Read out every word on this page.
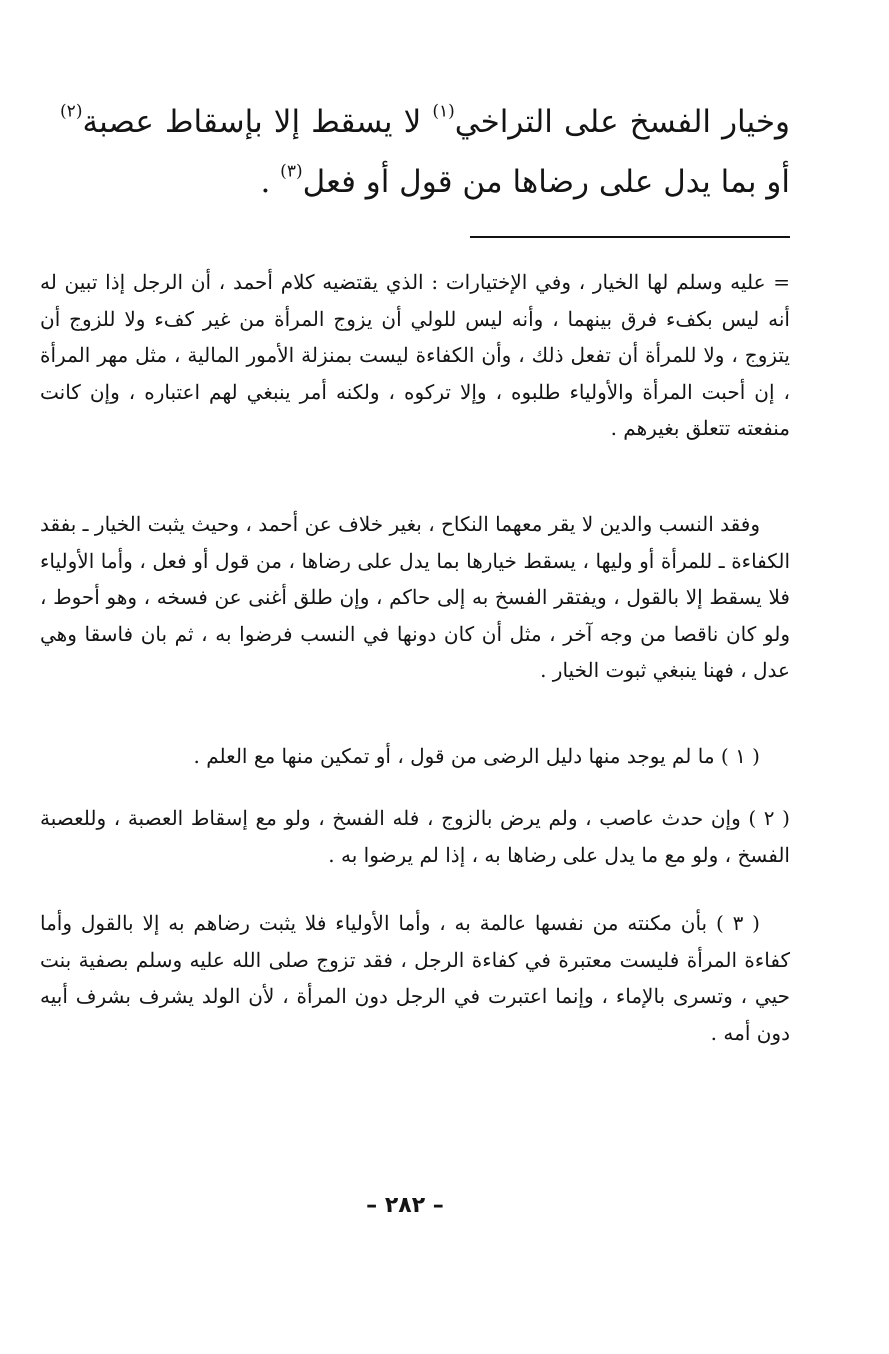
وخيار الفسخ على التراخي$^{(١)}$ لا يسقط إلا بإسقاط عصبة$^{(٢)}$ أو بما يدل على رضاها من قول أو فعل$^{(٣)}$ .

= عليه وسلم لها الخيار ، وفي الإختيارات : الذي يقتضيه كلام أحمد ، أن الرجل إذا تبين له أنه ليس بكفء فرق بينهما ، وأنه ليس للولي أن يزوج المرأة من غير كفء ولا للزوج أن يتزوج ، ولا للمرأة أن تفعل ذلك ، وأن الكفاءة ليست بمنزلة الأمور المالية ، مثل مهر المرأة ، إن أحبت المرأة والأولياء طلبوه ، وإلا تركوه ، ولكنه أمر ينبغي لهم اعتباره ، وإن كانت منفعته تتعلق بغيرهم .

وفقد النسب والدين لا يقر معهما النكاح ، بغير خلاف عن أحمد ، وحيث يثبت الخيار ـ بفقد الكفاءة ـ للمرأة أو وليها ، يسقط خيارها بما يدل على رضاها ، من قول أو فعل ، وأما الأولياء فلا يسقط إلا بالقول ، ويفتقر الفسخ به إلى حاكم ، وإن طلق أغنى عن فسخه ، وهو أحوط ، ولو كان ناقصا من وجه آخر ، مثل أن كان دونها في النسب فرضوا به ، ثم بان فاسقا وهي عدل ، فهنا ينبغي ثبوت الخيار .

( ١ ) ما لم يوجد منها دليل الرضى من قول ، أو تمكين منها مع العلم .

( ٢ ) وإن حدث عاصب ، ولم يرض بالزوج ، فله الفسخ ، ولو مع إسقاط العصبة ، وللعصبة الفسخ ، ولو مع ما يدل على رضاها به ، إذا لم يرضوا به .

( ٣ ) بأن مكنته من نفسها عالمة به ، وأما الأولياء فلا يثبت رضاهم به إلا بالقول وأما كفاءة المرأة فليست معتبرة في كفاءة الرجل ، فقد تزوج صلى الله عليه وسلم بصفية بنت حيي ، وتسرى بالإماء ، وإنما اعتبرت في الرجل دون المرأة ، لأن الولد يشرف بشرف أبيه دون أمه .

– ٢٨٢ –
